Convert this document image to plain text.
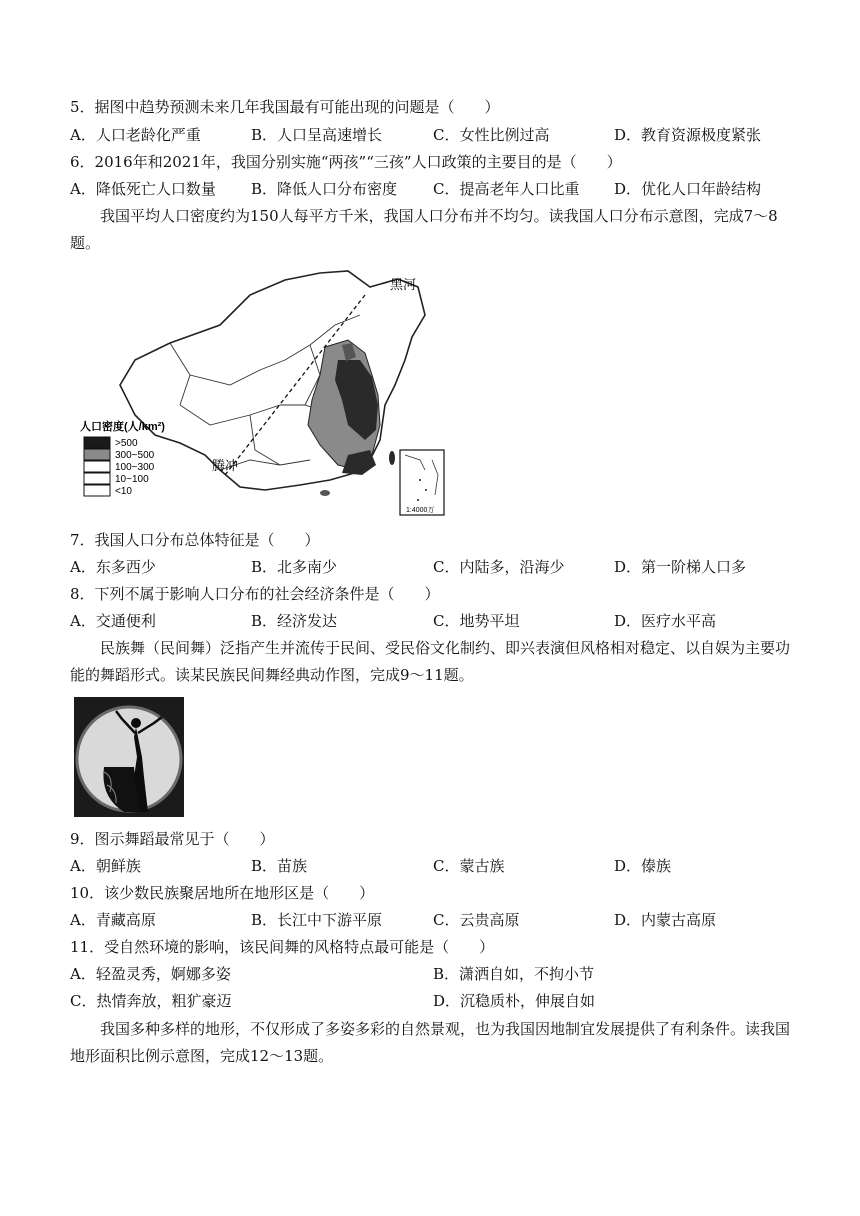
5．据图中趋势预测未来几年我国最有可能出现的问题是（　　）
A．人口老龄化严重	B．人口呈高速增长	C．女性比例过高	D．教育资源极度紧张
6．2016年和2021年，我国分别实施“两孩”“三孩”人口政策的主要目的是（　　）
A．降低死亡人口数量 B．降低人口分布密度 C．提高老年人口比重 D．优化人口年龄结构
我国平均人口密度约为150人每平方千米，我国人口分布并不均匀。读我国人口分布示意图，完成7～8题。
黑河
腾冲
1:4000万
人口密度(人/km²)
>500
300~500
100~300
10~100
<10
7．我国人口分布总体特征是（　　）
A．东多西少	B．北多南少	C．内陆多，沿海少	D．第一阶梯人口多
8．下列不属于影响人口分布的社会经济条件是（　　）
A．交通便利	B．经济发达	C．地势平坦	D．医疗水平高
民族舞（民间舞）泛指产生并流传于民间、受民俗文化制约、即兴表演但风格相对稳定、以自娱为主要功能的舞蹈形式。读某民族民间舞经典动作图，完成9～11题。
9．图示舞蹈最常见于（　　）
A．朝鲜族	B．苗族	C．蒙古族	D．傣族
10．该少数民族聚居地所在地形区是（　　）
A．青藏高原	B．长江中下游平原	C．云贵高原	D．内蒙古高原
11．受自然环境的影响，该民间舞的风格特点最可能是（　　）
A．轻盈灵秀，婀娜多姿	B．潇洒自如，不拘小节
C．热情奔放，粗犷豪迈	D．沉稳质朴，伸展自如
我国多种多样的地形，不仅形成了多姿多彩的自然景观，也为我国因地制宜发展提供了有利条件。读我国地形面积比例示意图，完成12～13题。
